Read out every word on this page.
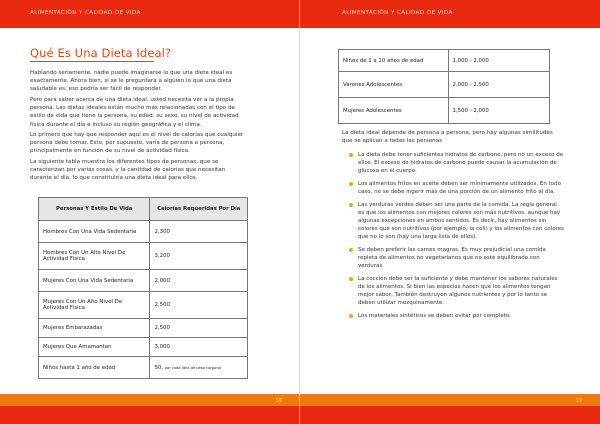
ALIMENTACIÓN Y CALIDAD DE VIDA
Qué Es Una Dieta Ideal?

Hablando seriamente, nadie puede imaginarse lo que una dieta ideal es exactamente. Ahora bien, si se le preguntara a alguien lo que una dieta saludable es, eso podría ser fácil de responder.

Pero para saber acerca de una dieta ideal, usted necesita ver a la propia persona. Las dietas ideales están mucho más relacionadas con el tipo de estilo de vida que tiene la persona, su edad, su sexo, su nivel de actividad física durante el día e incluso su región geográfica y el clima.

Lo primero que hay que responder aquí es el nivel de calorías que cualquier persona debe tomar. Esto, por supuesto, varía de persona a persona, principalmente en función de su nivel de actividad física.

La siguiente tabla muestra los diferentes tipos de personas, que se caracterizan por varias cosas, y la cantidad de calorías que necesitan durante el día, lo que constituiría una dieta ideal para ellos.

Personas Y Estilo De Vida	Calorías Requeridas Por Día
Hombres Con Una Vida Sedentaria	2,300
Hombres Con Un Alto Nivel De Actividad Física	3,200
Mujeres Con Una Vida Sedentaria	2,000
Mujeres Con Un Alto Nivel De Actividad Física	2,500
Mujeres Embarazadas	2,500
Mujeres Que Amamantan	3,000
Niños hasta 1 año de edad	50, por cada libra de peso corporal
16
ALIMENTACIÓN Y CALIDAD DE VIDA
Niños de 1 a 10 años de edad	1,000 - 2,000
Varones Adolescentes	2,000 - 2,500
Mujeres Adolescentes	1,500 - 2,000

La dieta ideal depende de persona a persona, pero hay algunas similitudes que se aplican a todas las personas

La dieta debe tener suficientes hidratos de carbono, pero no un exceso de ellos. El exceso de hidratos de carbono puede causar la acumulación de glucosa en el cuerpo.
Los alimentos fritos en aceite deben ser mínimamente utilizados. En todo caso, no se debe ingerir más de una porción de un alimento frito al día.
Las verduras verdes deben ser una parte de la comida. La regla general es que los alimentos con mejores colores son más nutritivos, aunque hay algunas excepciones en ambos sentidos. Es decir, hay alimentos sin colores que son nutritivos (por ejemplo, la coli) y los alimentos con colores que no lo son (hay una larga lista de ellos).
Se deben preferir las carnes magras. Es muy prejudicial una comida repleta de alimentos no vegetarianos que no esté equilibrada con verduras.
La cocción debe ser la suficiente y debe mantener los sabores naturales de los alimentos. Si bien las especias hacen que los alimentos tengan mejor sabor, También destruyen algunos nutrientes y por lo tanto se deben utilizar mezquinamente.
Los materiales sintéticos se deben evitar por completo.
17
